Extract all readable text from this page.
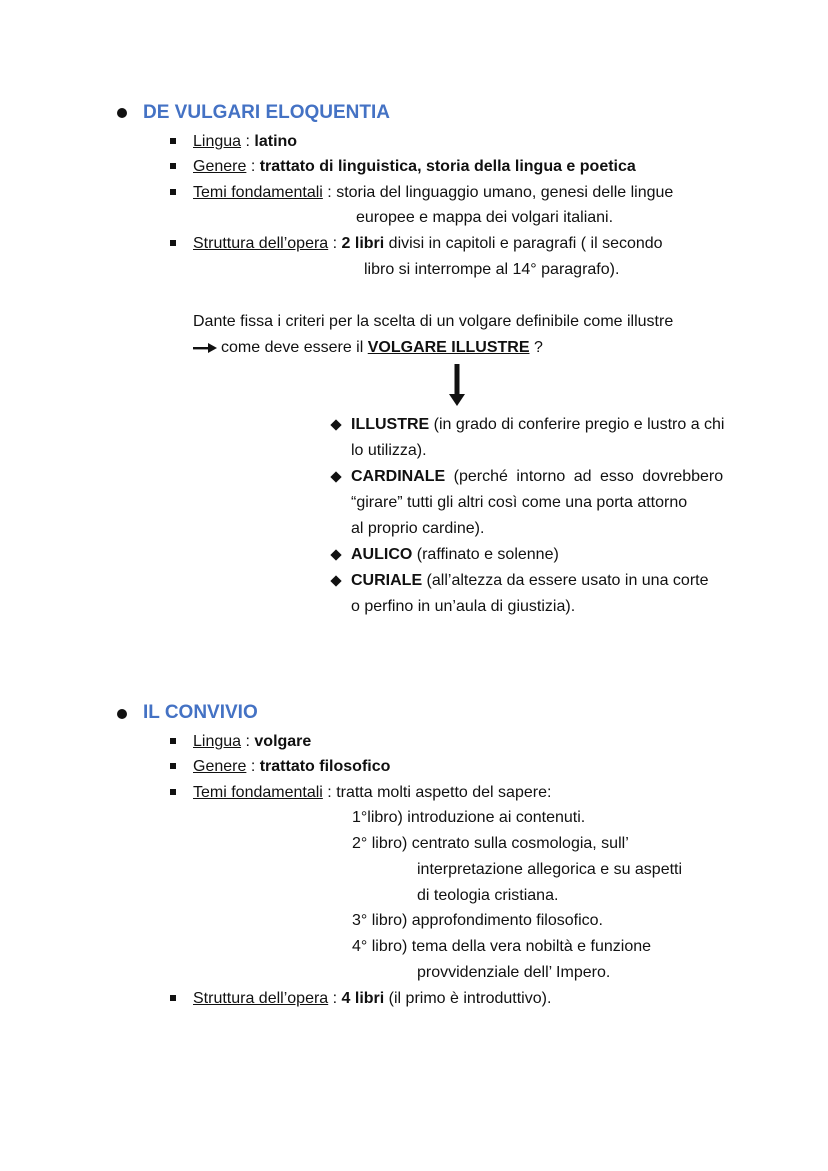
DE VULGARI ELOQUENTIA
Lingua : latino
Genere : trattato di linguistica, storia della lingua e poetica
Temi fondamentali : storia del linguaggio umano, genesi delle lingue
europee e mappa dei volgari italiani.
Struttura dell’opera : 2 libri divisi in capitoli e paragrafi ( il secondo
libro si interrompe al 14° paragrafo).
Dante fissa i criteri per la scelta di un volgare definibile come illustre
come deve essere il VOLGARE ILLUSTRE ?
ILLUSTRE (in grado di conferire pregio e lustro a chi
lo utilizza).
CARDINALE (perché intorno ad esso dovrebbero
“girare” tutti gli altri così come una porta attorno
al proprio cardine).
AULICO (raffinato e solenne)
CURIALE (all’altezza da essere usato in una corte
o perfino in un’aula di giustizia).
IL CONVIVIO
Lingua : volgare
Genere : trattato filosofico
Temi fondamentali : tratta molti aspetto del sapere:
1°libro) introduzione ai contenuti.
2° libro) centrato sulla cosmologia, sull’
interpretazione allegorica e su aspetti
di teologia cristiana.
3° libro) approfondimento filosofico.
4° libro) tema della vera nobiltà e funzione
provvidenziale dell’ Impero.
Struttura dell’opera : 4 libri (il primo è introduttivo).
